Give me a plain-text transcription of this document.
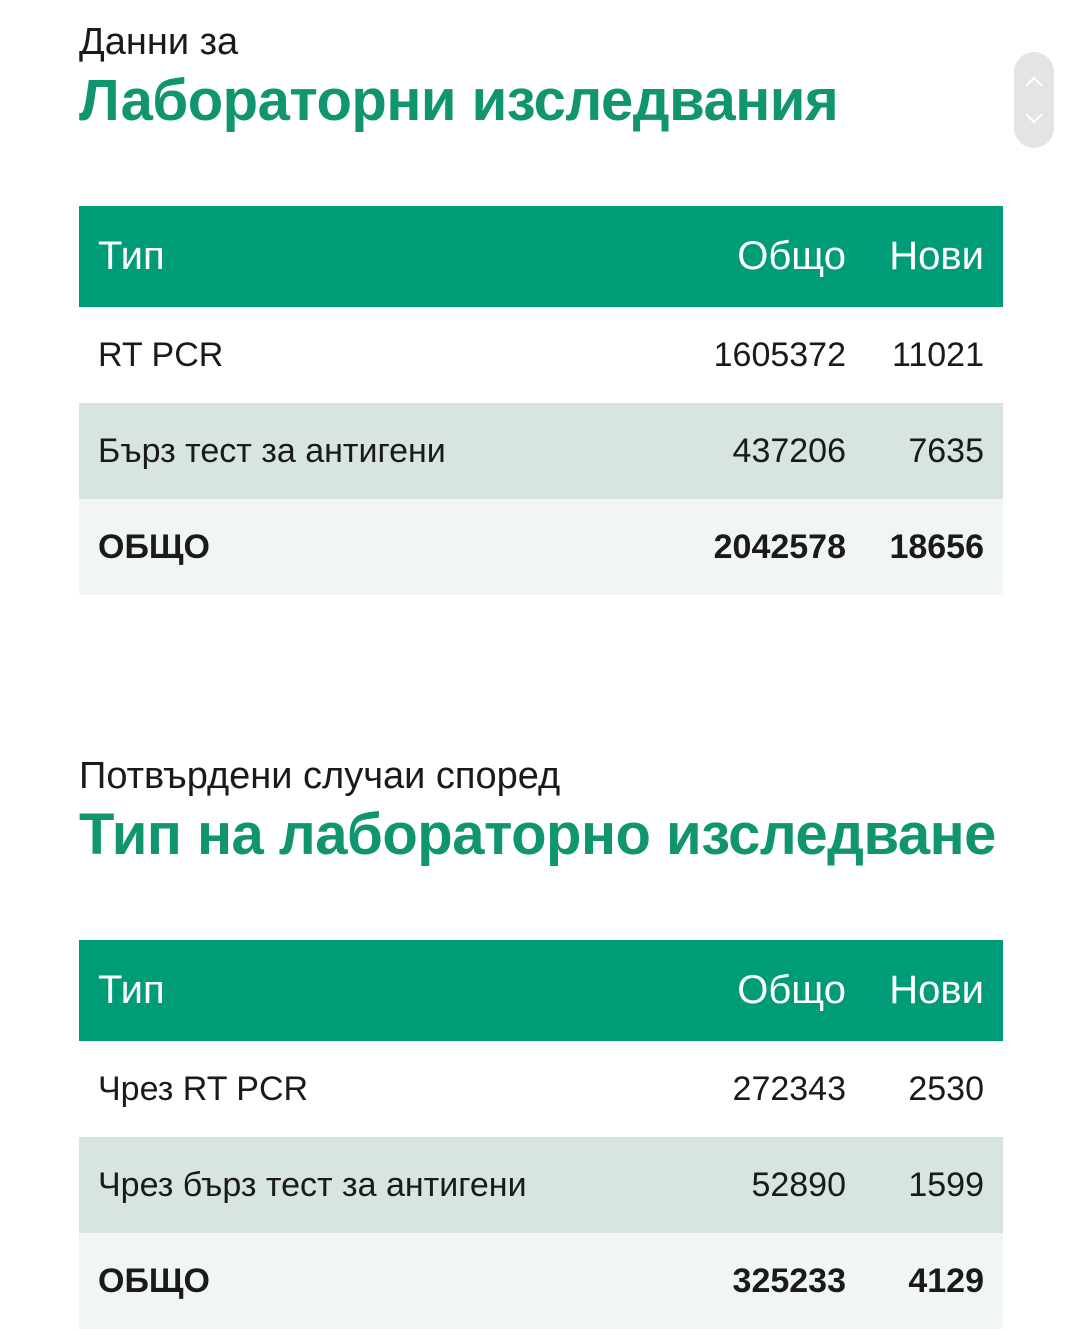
Данни за

Лабораторни изследвания
Тип	Общо	Нови
RT PCR	1605372	11021
Бърз тест за антигени	437206	7635
ОБЩО	2042578	18656

Потвърдени случаи според

Тип на лабораторно изследване
Тип	Общо	Нови
Чрез RT PCR	272343	2530
Чрез бърз тест за антигени	52890	1599
ОБЩО	325233	4129
